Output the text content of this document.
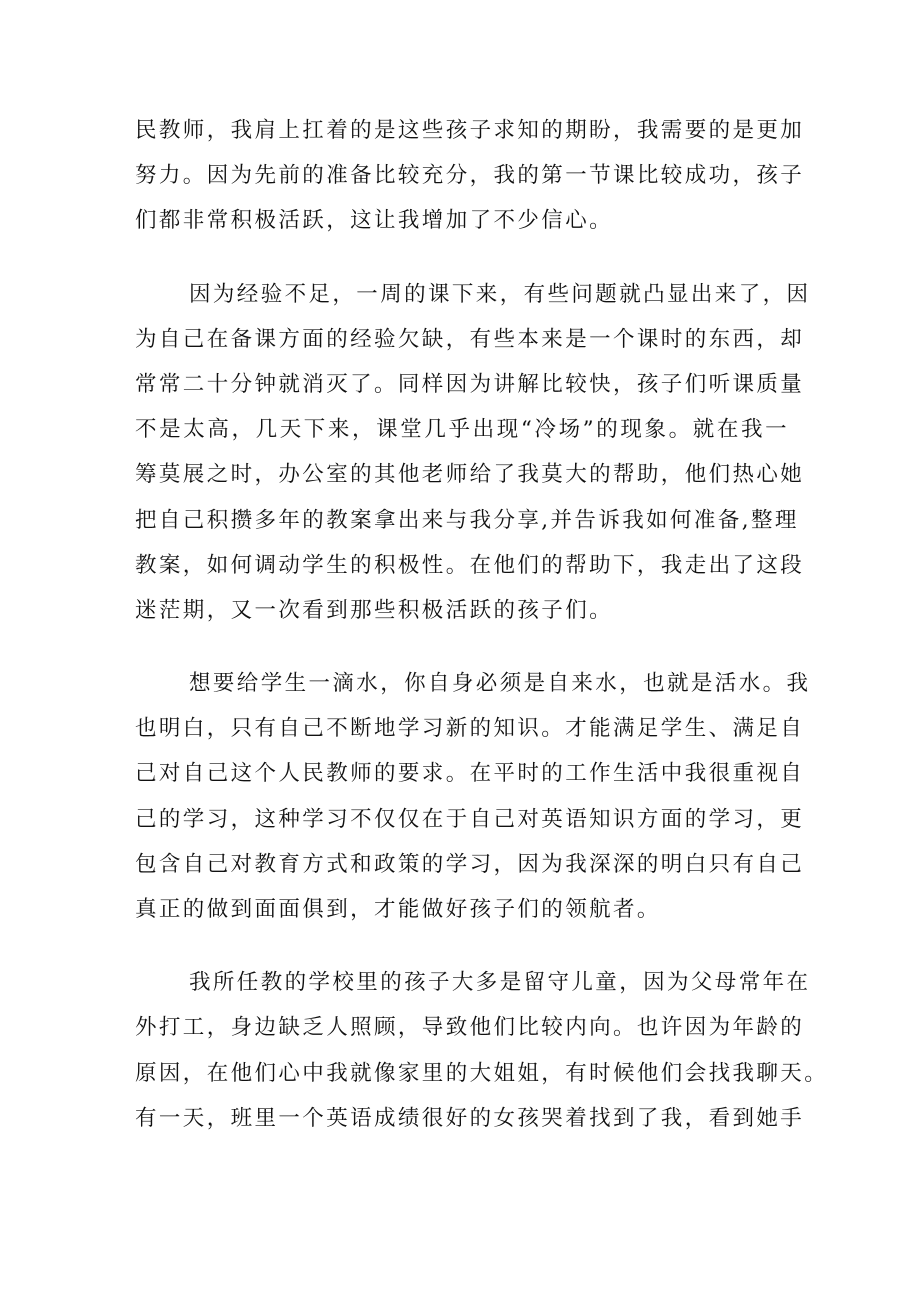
民教师，我肩上扛着的是这些孩子求知的期盼，我需要的是更加
努力。因为先前的准备比较充分，我的第一节课比较成功，孩子
们都非常积极活跃，这让我增加了不少信心。
因为经验不足，一周的课下来，有些问题就凸显出来了，因
为自己在备课方面的经验欠缺，有些本来是一个课时的东西，却
常常二十分钟就消灭了。同样因为讲解比较快，孩子们听课质量
不是太高，几天下来，课堂几乎出现“冷场”的现象。就在我一
筹莫展之时，办公室的其他老师给了我莫大的帮助，他们热心她
把自己积攒多年的教案拿出来与我分享,并告诉我如何准备,整理
教案，如何调动学生的积极性。在他们的帮助下，我走出了这段
迷茫期，又一次看到那些积极活跃的孩子们。
想要给学生一滴水，你自身必须是自来水，也就是活水。我
也明白，只有自己不断地学习新的知识。才能满足学生、满足自
己对自己这个人民教师的要求。在平时的工作生活中我很重视自
己的学习，这种学习不仅仅在于自己对英语知识方面的学习，更
包含自己对教育方式和政策的学习，因为我深深的明白只有自己
真正的做到面面俱到，才能做好孩子们的领航者。
我所任教的学校里的孩子大多是留守儿童，因为父母常年在
外打工，身边缺乏人照顾，导致他们比较内向。也许因为年龄的
原因，在他们心中我就像家里的大姐姐，有时候他们会找我聊天。
有一天，班里一个英语成绩很好的女孩哭着找到了我，看到她手
